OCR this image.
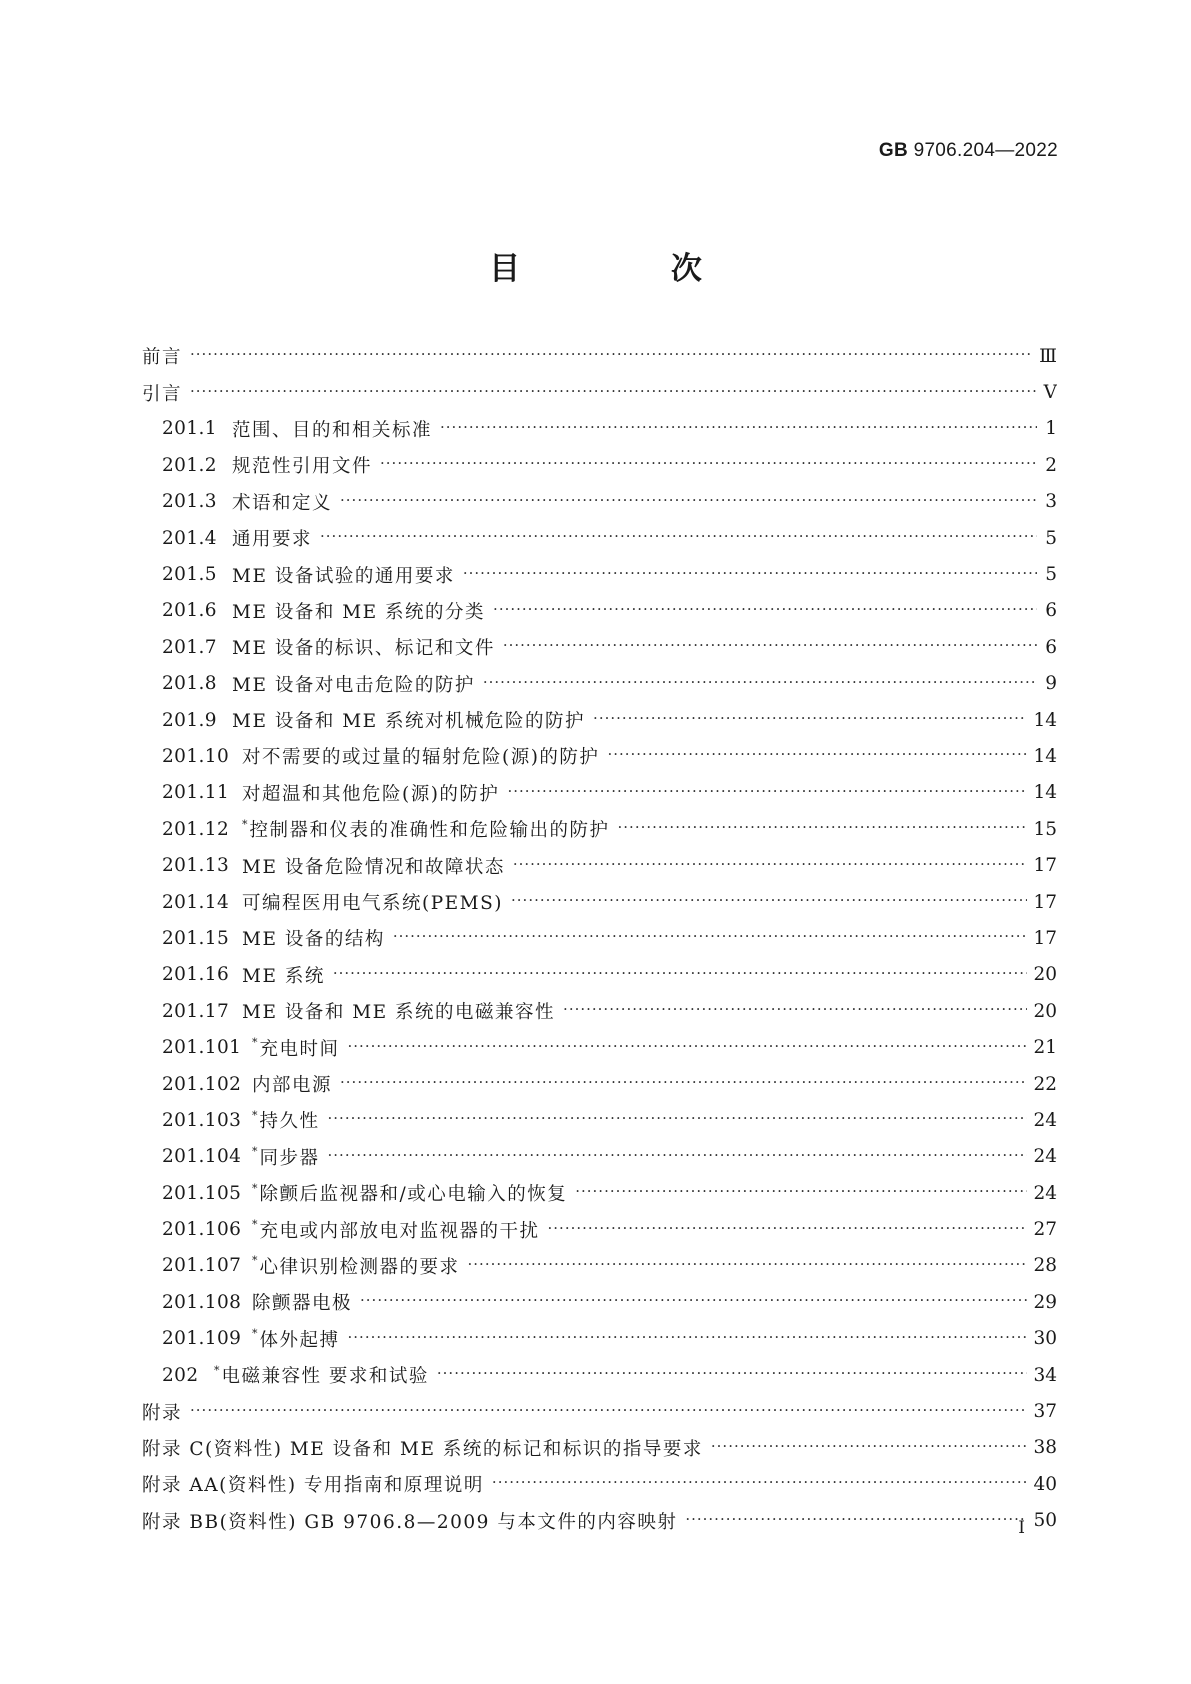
GB 9706.204—2022
目 次
前言 ·····	Ⅲ
引言 ·····	Ⅴ
201.1 范围、目的和相关标准 ·····	1
201.2 规范性引用文件 ·····	2
201.3 术语和定义 ·····	3
201.4 通用要求 ·····	5
201.5 ME 设备试验的通用要求 ·····	5
201.6 ME 设备和 ME 系统的分类 ·····	6
201.7 ME 设备的标识、标记和文件 ·····	6
201.8 ME 设备对电击危险的防护 ·····	9
201.9 ME 设备和 ME 系统对机械危险的防护 ·····	14
201.10 对不需要的或过量的辐射危险(源)的防护 ·····	14
201.11 对超温和其他危险(源)的防护 ·····	14
201.12	* 控制器和仪表的准确性和危险输出的防护 ·····	15
201.13 ME 设备危险情况和故障状态 ·····	17
201.14 可编程医用电气系统(PEMS) ·····	17
201.15 ME 设备的结构 ·····	17
201.16 ME 系统 ·····	20
201.17 ME 设备和 ME 系统的电磁兼容性 ·····	20
201.101 * 充电时间 ·····	21
201.102 内部电源 ·····	22
201.103 * 持久性 ·····	24
201.104 * 同步器 ·····	24
201.105 * 除颤后监视器和/或心电输入的恢复 ·····	24
201.106 * 充电或内部放电对监视器的干扰 ·····	27
201.107 * 心律识别检测器的要求 ·····	28
201.108 除颤器电极 ·····	29
201.109 * 体外起搏 ·····	30
202	* 电磁兼容性 要求和试验 ·····	34
附录 ·····	37
附录 C(资料性) ME 设备和 ME 系统的标记和标识的指导要求 ·····	38
附录 AA(资料性) 专用指南和原理说明 ·····	40
附录 BB(资料性) GB 9706.8—2009 与本文件的内容映射 ·····	50
I
